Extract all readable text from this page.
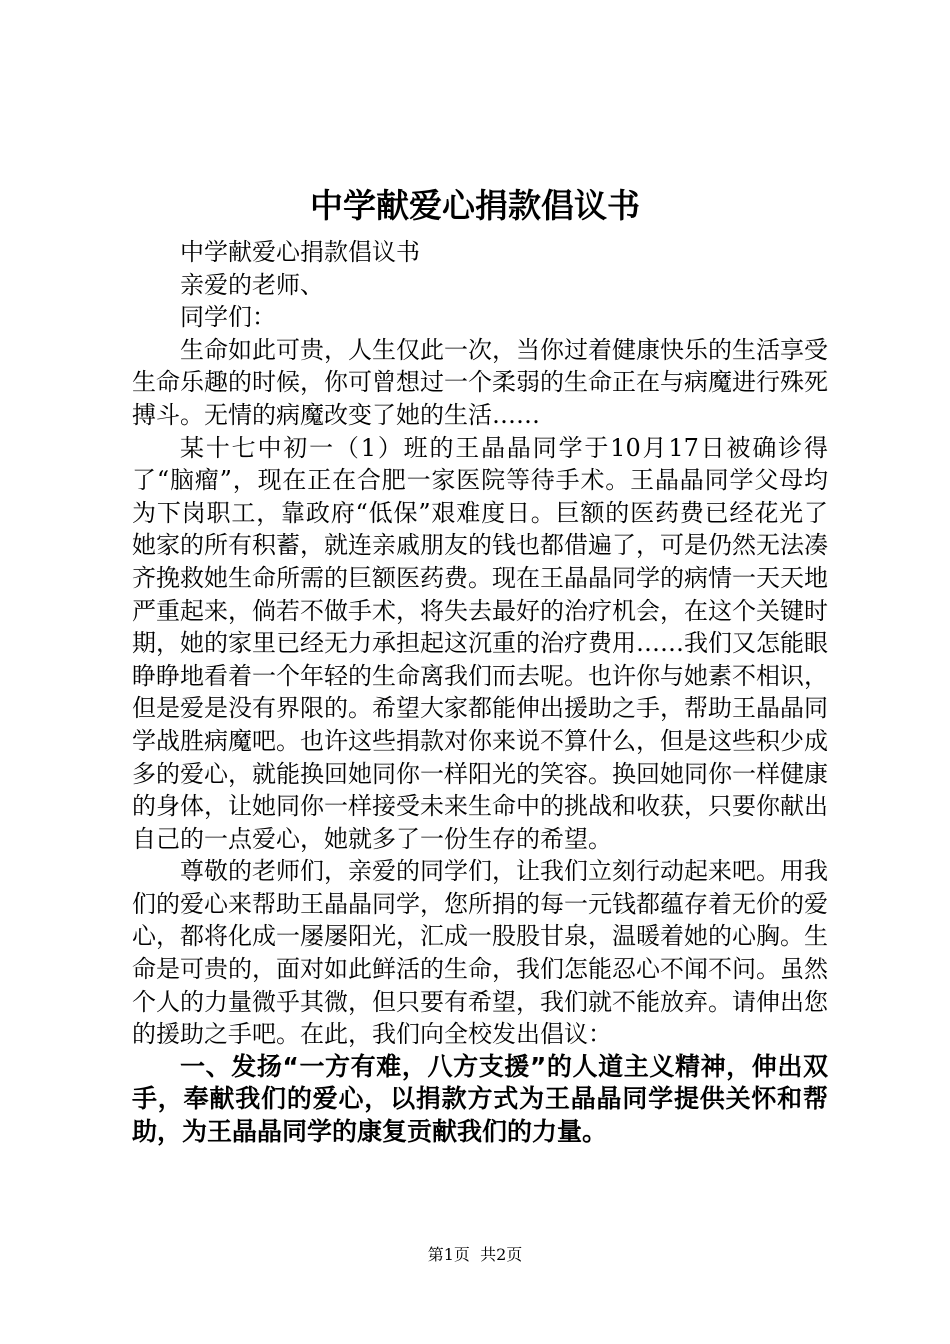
中学献爱心捐款倡议书

中学献爱心捐款倡议书

亲爱的老师、

同学们：

生命如此可贵，人生仅此一次，当你过着健康快乐的生活享受生命乐趣的时候，你可曾想过一个柔弱的生命正在与病魔进行殊死搏斗。无情的病魔改变了她的生活……

某十七中初一（1）班的王晶晶同学于10月17日被确诊得了“脑瘤”，现在正在合肥一家医院等待手术。王晶晶同学父母均为下岗职工，靠政府“低保”艰难度日。巨额的医药费已经花光了她家的所有积蓄，就连亲戚朋友的钱也都借遍了，可是仍然无法凑齐挽救她生命所需的巨额医药费。现在王晶晶同学的病情一天天地严重起来，倘若不做手术，将失去最好的治疗机会，在这个关键时期，她的家里已经无力承担起这沉重的治疗费用……我们又怎能眼睁睁地看着一个年轻的生命离我们而去呢。也许你与她素不相识，但是爱是没有界限的。希望大家都能伸出援助之手，帮助王晶晶同学战胜病魔吧。也许这些捐款对你来说不算什么，但是这些积少成多的爱心，就能换回她同你一样阳光的笑容。换回她同你一样健康的身体，让她同你一样接受未来生命中的挑战和收获，只要你献出自己的一点爱心，她就多了一份生存的希望。

尊敬的老师们，亲爱的同学们，让我们立刻行动起来吧。用我们的爱心来帮助王晶晶同学，您所捐的每一元钱都蕴存着无价的爱心，都将化成一屡屡阳光，汇成一股股甘泉，温暖着她的心胸。生命是可贵的，面对如此鲜活的生命，我们怎能忍心不闻不问。虽然个人的力量微乎其微，但只要有希望，我们就不能放弃。请伸出您的援助之手吧。在此，我们向全校发出倡议：

一、发扬“一方有难，八方支援”的人道主义精神，伸出双手，奉献我们的爱心，以捐款方式为王晶晶同学提供关怀和帮助，为王晶晶同学的康复贡献我们的力量。

第1页  共2页
